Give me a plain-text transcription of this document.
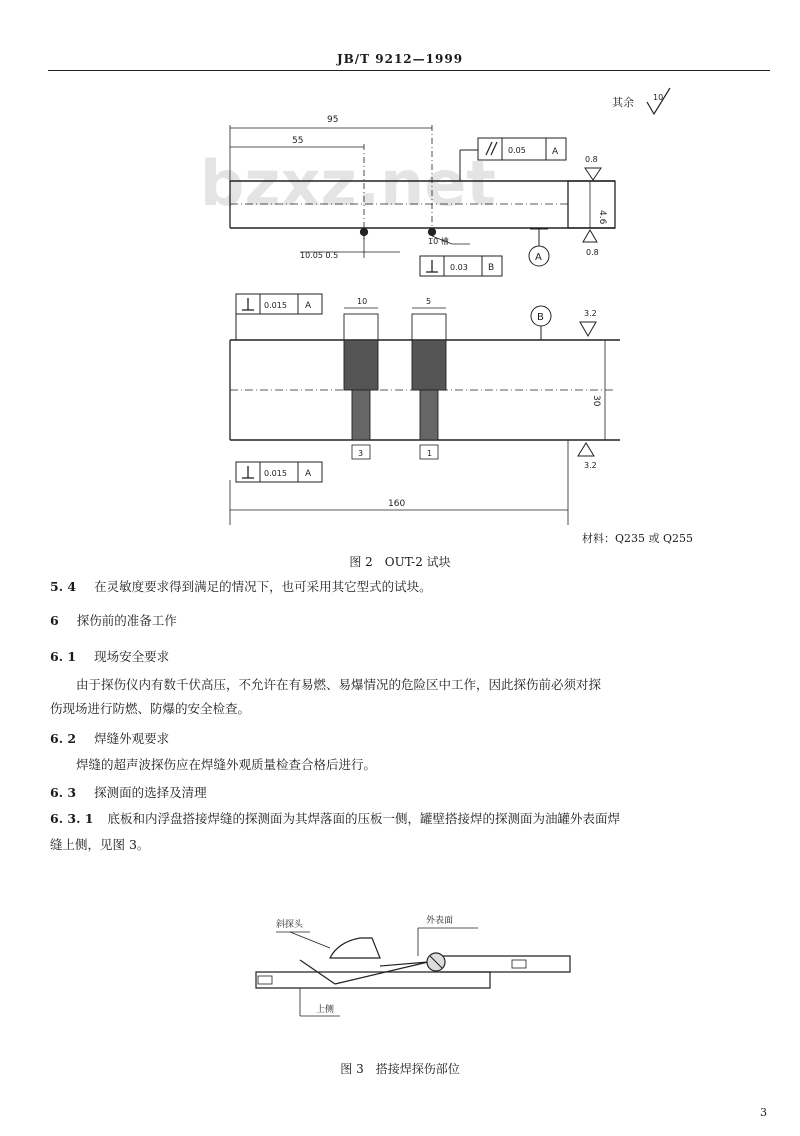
JB/T 9212—1999
bzxz.net
其余 10
95
55
4.6
10.05 0.5
10 槽
0.05	A
0.8
0.8
A
0.03 B
10	5
3	1
30
160
0.015 A
0.015 A
B	3.2
3.2
材料：Q235 或 Q255
图 2　OUT-2 试块
5. 4 在灵敏度要求得到满足的情况下，也可采用其它型式的试块。
6 探伤前的准备工作
6. 1 现场安全要求
由于探伤仪内有数千伏高压，不允许在有易燃、易爆情况的危险区中工作，因此探伤前必须对探
伤现场进行防燃、防爆的安全检查。
6. 2 焊缝外观要求
焊缝的超声波探伤应在焊缝外观质量检查合格后进行。
6. 3 探测面的选择及清理
6. 3. 1 底板和内浮盘搭接焊缝的探测面为其焊落面的压板一侧，罐壁搭接焊的探测面为油罐外表面焊
缝上侧，见图 3。
斜探头	外表面
上侧
图 3　搭接焊探伤部位
3
